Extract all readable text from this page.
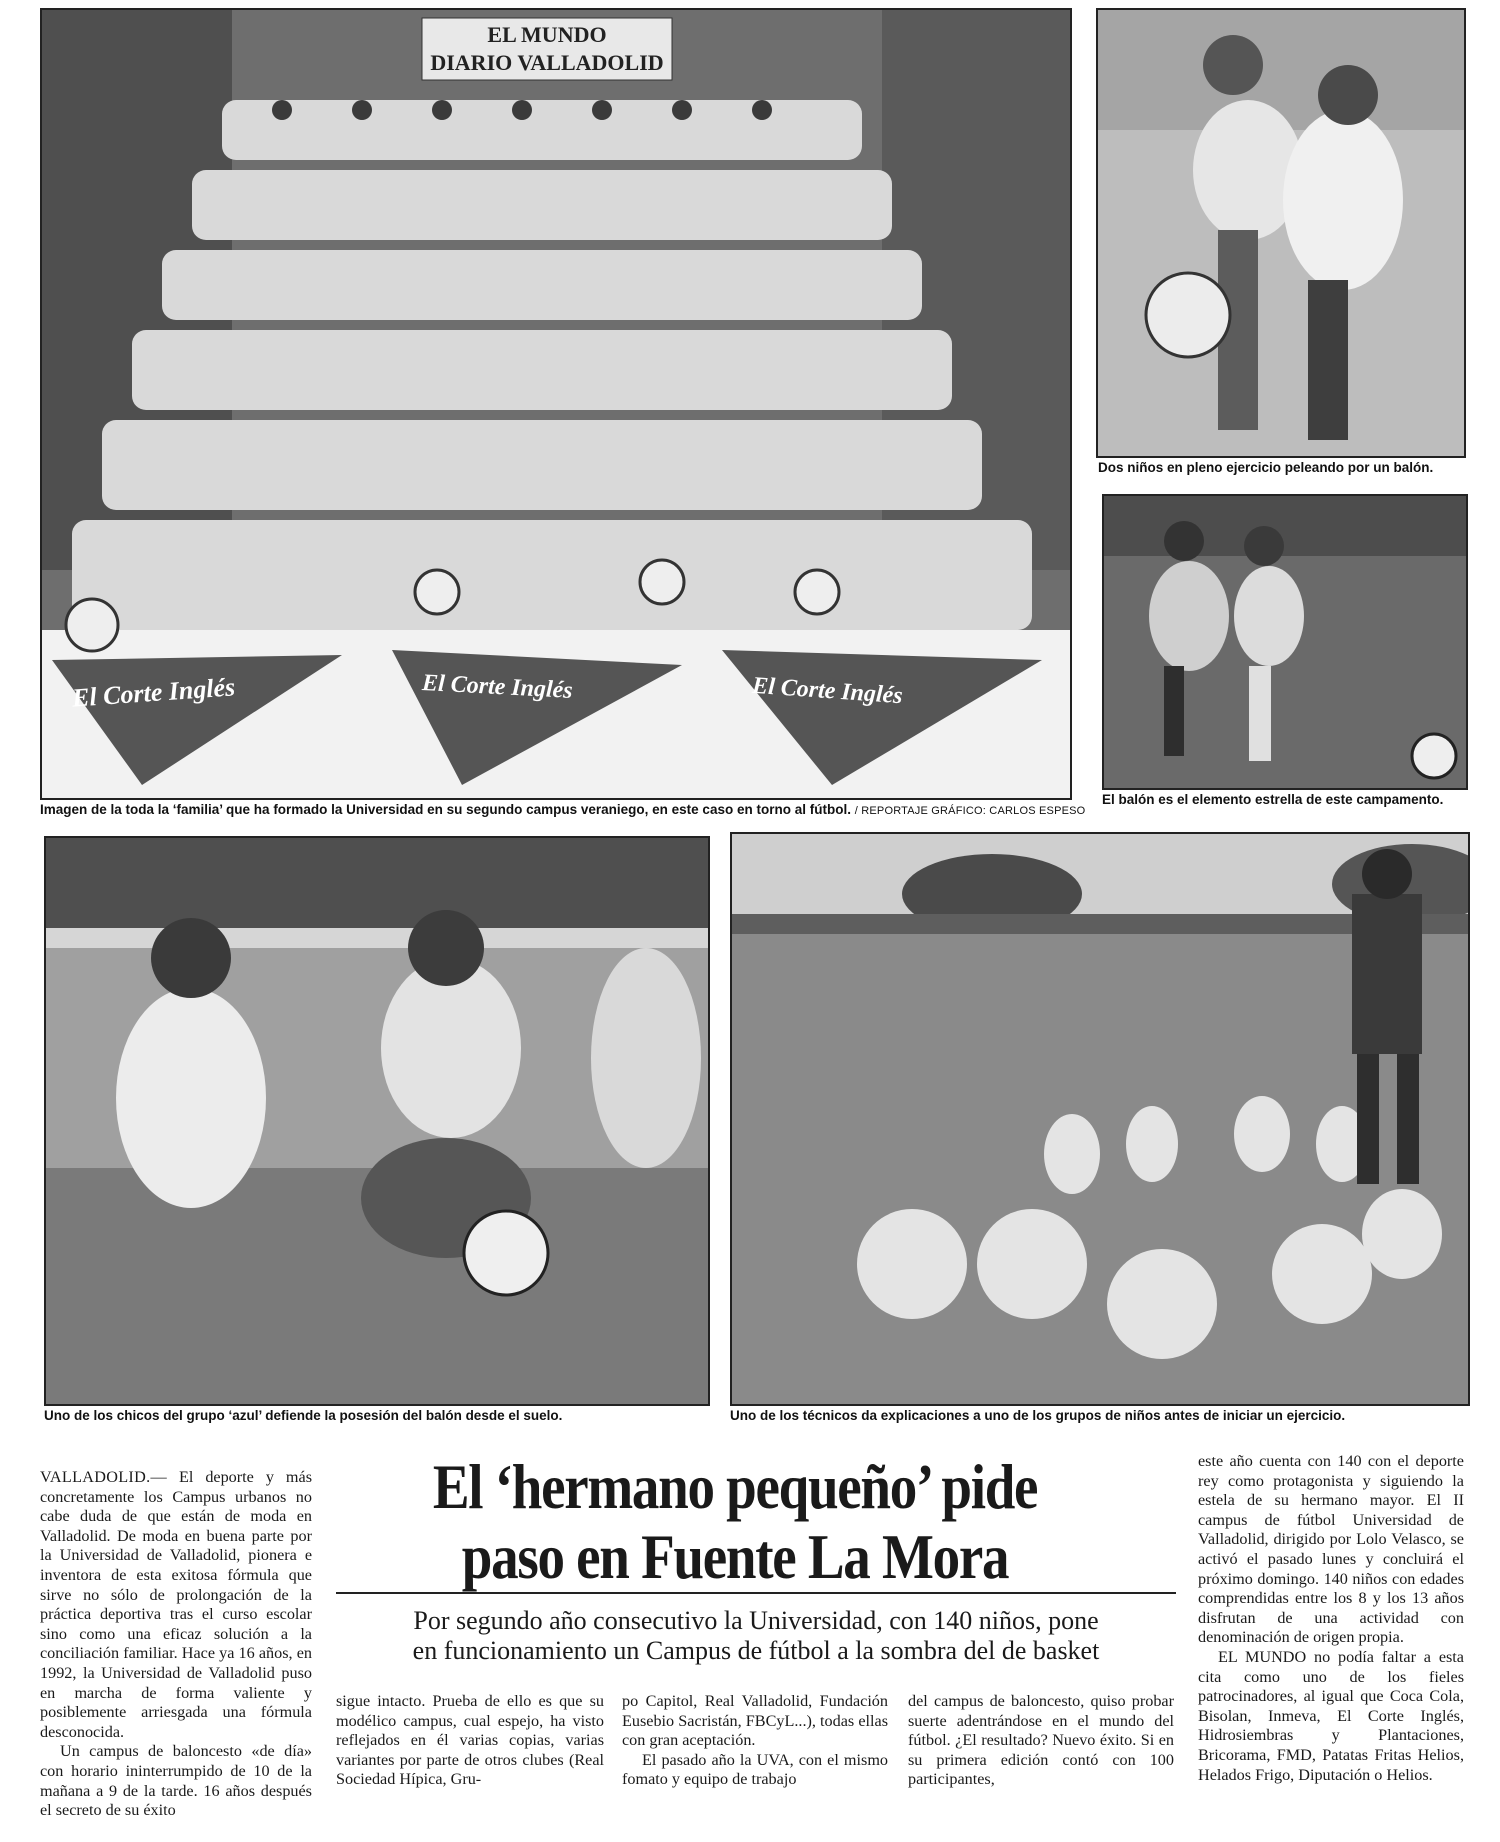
EL MUNDO
DIARIO VALLADOLID
El Corte Inglés	El Corte Inglés	El Corte Inglés
Imagen de la toda la ‘familia’ que ha formado la Universidad en su segundo campus veraniego, en este caso en torno al fútbol. / REPORTAJE GRÁFICO: CARLOS ESPESO
Dos niños en pleno ejercicio peleando por un balón.
El balón es el elemento estrella de este campamento.
Uno de los chicos del grupo ‘azul’ defiende la posesión del balón desde el suelo.	Uno de los técnicos da explicaciones a uno de los grupos de niños antes de iniciar un ejercicio.
El ‘hermano pequeño’ pide
paso en Fuente La Mora
Por segundo año consecutivo la Universidad, con 140 niños, pone
en funcionamiento un Campus de fútbol a la sombra del de basket

VALLADOLID.— El deporte y más concretamente los Campus urbanos no cabe duda de que están de moda en Valladolid. De moda en buena parte por la Universidad de Valladolid, pionera e inventora de esta exitosa fórmula que sirve no sólo de prolongación de la práctica deportiva tras el curso escolar sino como una eficaz solución a la conciliación familiar. Hace ya 16 años, en 1992, la Universidad de Valladolid puso en marcha de forma valiente y posiblemente arriesgada una fórmula desconocida.

Un campus de baloncesto «de día» con horario ininterrumpido de 10 de la mañana a 9 de la tarde. 16 años después el secreto de su éxito

sigue intacto. Prueba de ello es que su modélico campus, cual espejo, ha visto reflejados en él varias copias, varias variantes por parte de otros clubes (Real Sociedad Hípica, Gru-

po Capitol, Real Valladolid, Fundación Eusebio Sacristán, FBCyL...), todas ellas con gran aceptación.

El pasado año la UVA, con el mismo fomato y equipo de trabajo

del campus de baloncesto, quiso probar suerte adentrándose en el mundo del fútbol. ¿El resultado? Nuevo éxito. Si en su primera edición contó con 100 participantes,

este año cuenta con 140 con el deporte rey como protagonista y siguiendo la estela de su hermano mayor. El II campus de fútbol Universidad de Valladolid, dirigido por Lolo Velasco, se activó el pasado lunes y concluirá el próximo domingo. 140 niños con edades comprendidas entre los 8 y los 13 años disfrutan de una actividad con denominación de origen propia.

EL MUNDO no podía faltar a esta cita como uno de los fieles patrocinadores, al igual que Coca Cola, Bisolan, Inmeva, El Corte Inglés, Hidrosiembras y Plantaciones, Bricorama, FMD, Patatas Fritas Helios, Helados Frigo, Diputación o Helios.
